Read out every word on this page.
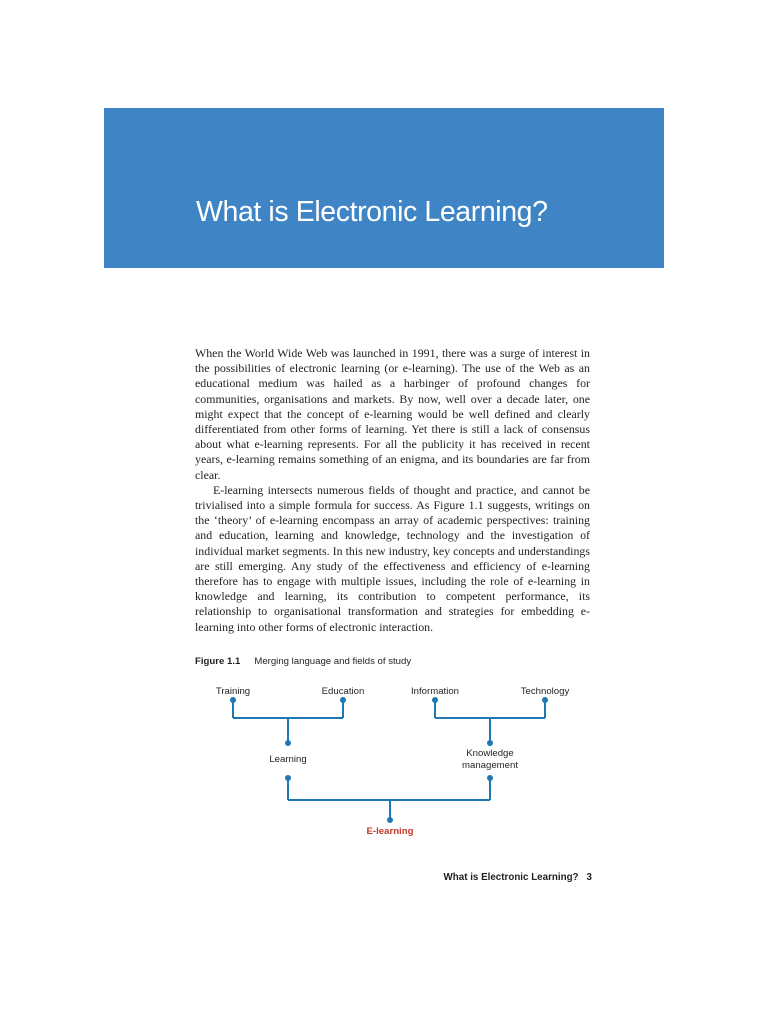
What is Electronic Learning?

When the World Wide Web was launched in 1991, there was a surge of interest in the possibilities of electronic learning (or e-learning). The use of the Web as an educational medium was hailed as a harbinger of profound changes for communities, organisations and markets. By now, well over a decade later, one might expect that the concept of e-learning would be well defined and clearly differentiated from other forms of learning. Yet there is still a lack of consensus about what e-learning represents. For all the publicity it has received in recent years, e-learning remains something of an enigma, and its boundaries are far from clear.

E-learning intersects numerous fields of thought and practice, and cannot be trivialised into a simple formula for success. As Figure 1.1 suggests, writings on the ‘theory’ of e-learning encompass an array of academic perspectives: training and education, learning and knowledge, technology and the investigation of individual market segments. In this new industry, key concepts and understandings are still emerging. Any study of the effectiveness and efficiency of e-learning therefore has to engage with multiple issues, including the role of e-learning in knowledge and learning, its contribution to competent performance, its relationship to organisational transformation and strategies for embedding e-learning into other forms of electronic interaction.

Figure 1.1 Merging language and fields of study
Training	Education	Information	Technology
Learning
Knowledge
management
E-learning
What is Electronic Learning? 3
